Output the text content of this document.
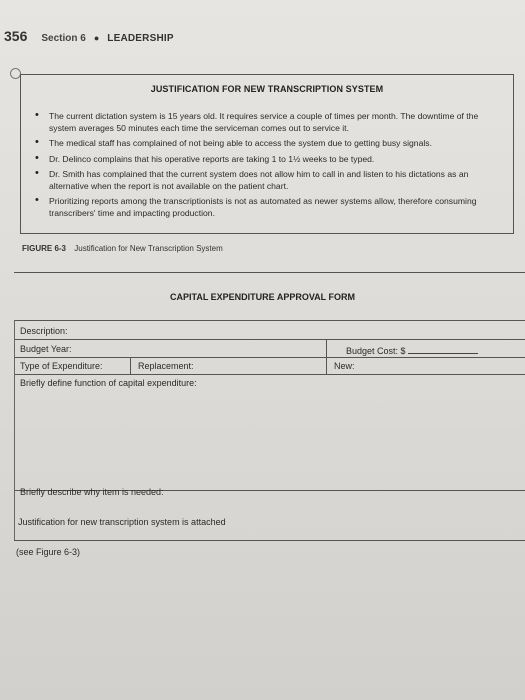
356 Section 6 ● LEADERSHIP
JUSTIFICATION FOR NEW TRANSCRIPTION SYSTEM
• The current dictation system is 15 years old. It requires service a couple of times per month. The downtime of the system averages 50 minutes each time the serviceman comes out to service it.
• The medical staff has complained of not being able to access the system due to getting busy signals.
• Dr. Delinco complains that his operative reports are taking 1 to 1½ weeks to be typed.
• Dr. Smith has complained that the current system does not allow him to call in and listen to his dictations as an alternative when the report is not available on the patient chart.
• Prioritizing reports among the transcriptionists is not as automated as newer systems allow, therefore consuming transcribers' time and impacting production.
FIGURE 6-3 Justification for New Transcription System
CAPITAL EXPENDITURE APPROVAL FORM
Description:
Budget Year:	Budget Cost: $
Type of Expenditure:	Replacement:	New:
Briefly define function of capital expenditure:
Briefly describe why item is needed:
Justification for new transcription system is attached
(see Figure 6-3)
